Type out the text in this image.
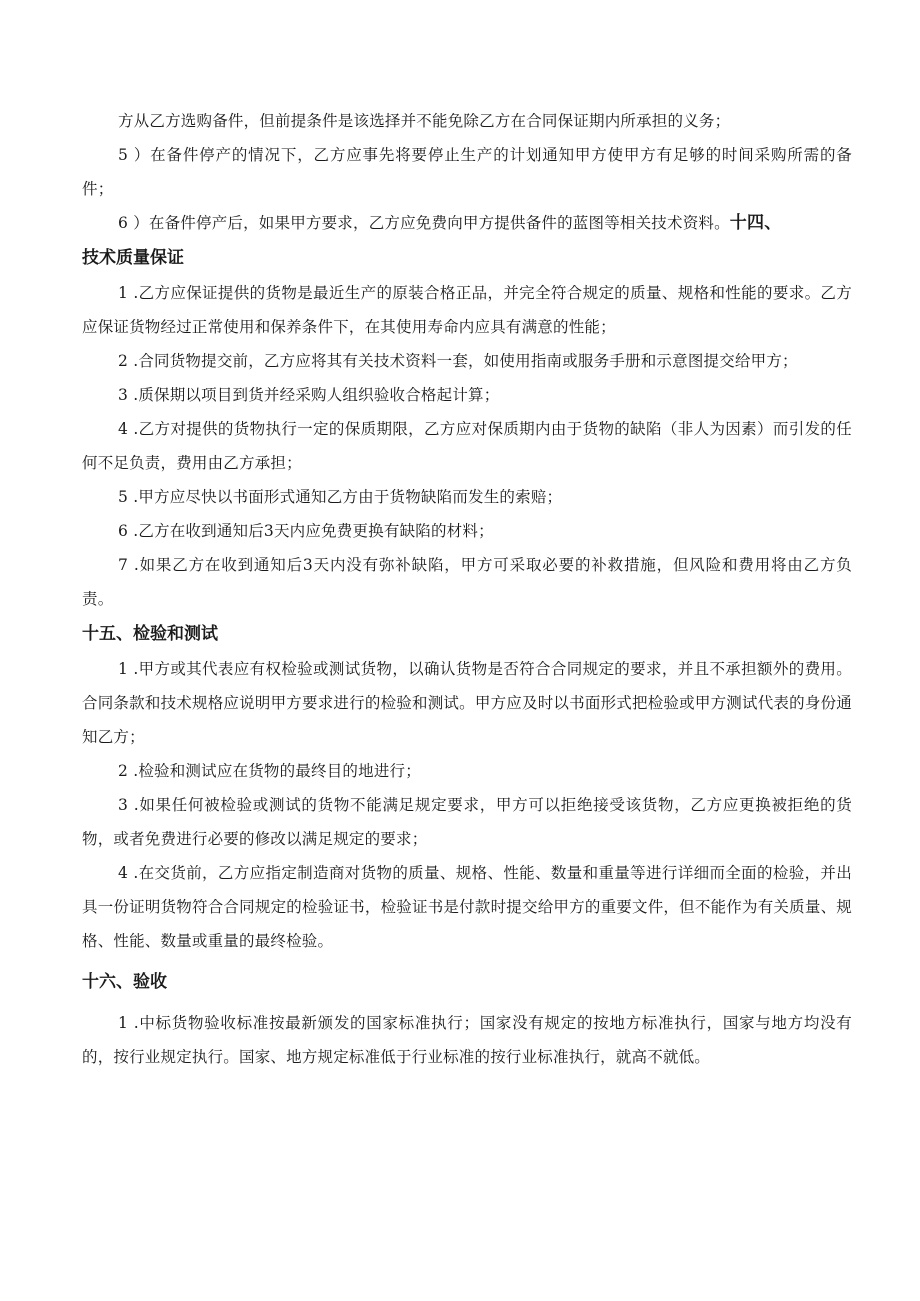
方从乙方选购备件，但前提条件是该选择并不能免除乙方在合同保证期内所承担的义务；

5 ）在备件停产的情况下，乙方应事先将要停止生产的计划通知甲方使甲方有足够的时间采购所需的备件；

6 ）在备件停产后，如果甲方要求，乙方应免费向甲方提供备件的蓝图等相关技术资料。十四、

技术质量保证

1 .乙方应保证提供的货物是最近生产的原装合格正品，并完全符合规定的质量、规格和性能的要求。乙方应保证货物经过正常使用和保养条件下，在其使用寿命内应具有满意的性能；

2 .合同货物提交前，乙方应将其有关技术资料一套，如使用指南或服务手册和示意图提交给甲方；

3 .质保期以项目到货并经采购人组织验收合格起计算；

4 .乙方对提供的货物执行一定的保质期限，乙方应对保质期内由于货物的缺陷（非人为因素）而引发的任何不足负责，费用由乙方承担；

5 .甲方应尽快以书面形式通知乙方由于货物缺陷而发生的索赔；

6 .乙方在收到通知后3天内应免费更换有缺陷的材料；

7 .如果乙方在收到通知后3天内没有弥补缺陷，甲方可采取必要的补救措施，但风险和费用将由乙方负责。

十五、检验和测试

1 .甲方或其代表应有权检验或测试货物，以确认货物是否符合合同规定的要求，并且不承担额外的费用。合同条款和技术规格应说明甲方要求进行的检验和测试。甲方应及时以书面形式把检验或甲方测试代表的身份通知乙方；

2 .检验和测试应在货物的最终目的地进行；

3 .如果任何被检验或测试的货物不能满足规定要求，甲方可以拒绝接受该货物，乙方应更换被拒绝的货物，或者免费进行必要的修改以满足规定的要求；

4 .在交货前，乙方应指定制造商对货物的质量、规格、性能、数量和重量等进行详细而全面的检验，并出具一份证明货物符合合同规定的检验证书，检验证书是付款时提交给甲方的重要文件，但不能作为有关质量、规格、性能、数量或重量的最终检验。

十六、验收

1 .中标货物验收标准按最新颁发的国家标准执行；国家没有规定的按地方标准执行，国家与地方均没有的，按行业规定执行。国家、地方规定标准低于行业标准的按行业标准执行，就高不就低。
